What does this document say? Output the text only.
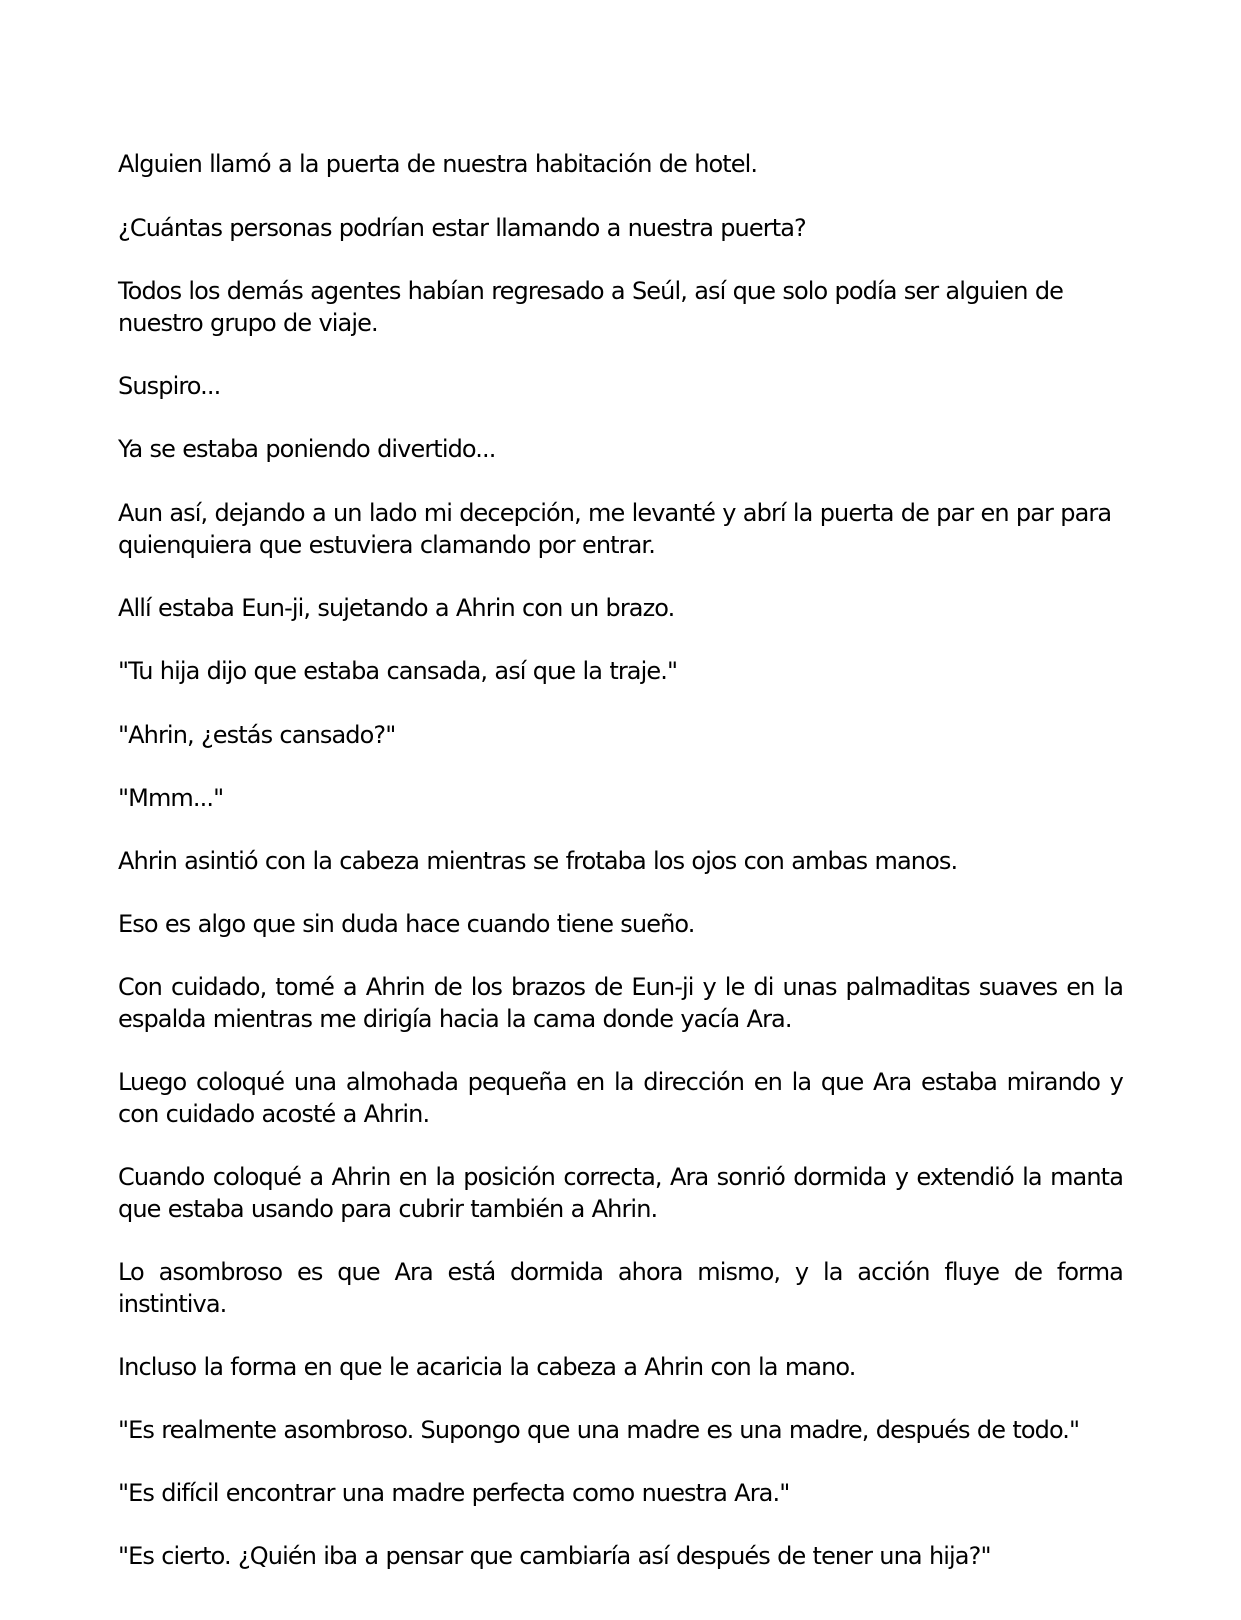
Alguien llamó a la puerta de nuestra habitación de hotel.

¿Cuántas personas podrían estar llamando a nuestra puerta?

Todos los demás agentes habían regresado a Seúl, así que solo podía ser alguien de nuestro grupo de viaje.

Suspiro...

Ya se estaba poniendo divertido...

Aun así, dejando a un lado mi decepción, me levanté y abrí la puerta de par en par para quienquiera que estuviera clamando por entrar.

Allí estaba Eun-ji, sujetando a Ahrin con un brazo.

"Tu hija dijo que estaba cansada, así que la traje."

"Ahrin, ¿estás cansado?"

"Mmm..."

Ahrin asintió con la cabeza mientras se frotaba los ojos con ambas manos.

Eso es algo que sin duda hace cuando tiene sueño.

Con cuidado, tomé a Ahrin de los brazos de Eun-ji y le di unas palmaditas suaves en la espalda mientras me dirigía hacia la cama donde yacía Ara.

Luego coloqué una almohada pequeña en la dirección en la que Ara estaba mirando y con cuidado acosté a Ahrin.

Cuando coloqué a Ahrin en la posición correcta, Ara sonrió dormida y extendió la manta que estaba usando para cubrir también a Ahrin.

Lo asombroso es que Ara está dormida ahora mismo, y la acción fluye de forma instintiva.

Incluso la forma en que le acaricia la cabeza a Ahrin con la mano.

"Es realmente asombroso. Supongo que una madre es una madre, después de todo."

"Es difícil encontrar una madre perfecta como nuestra Ara."

"Es cierto. ¿Quién iba a pensar que cambiaría así después de tener una hija?"
